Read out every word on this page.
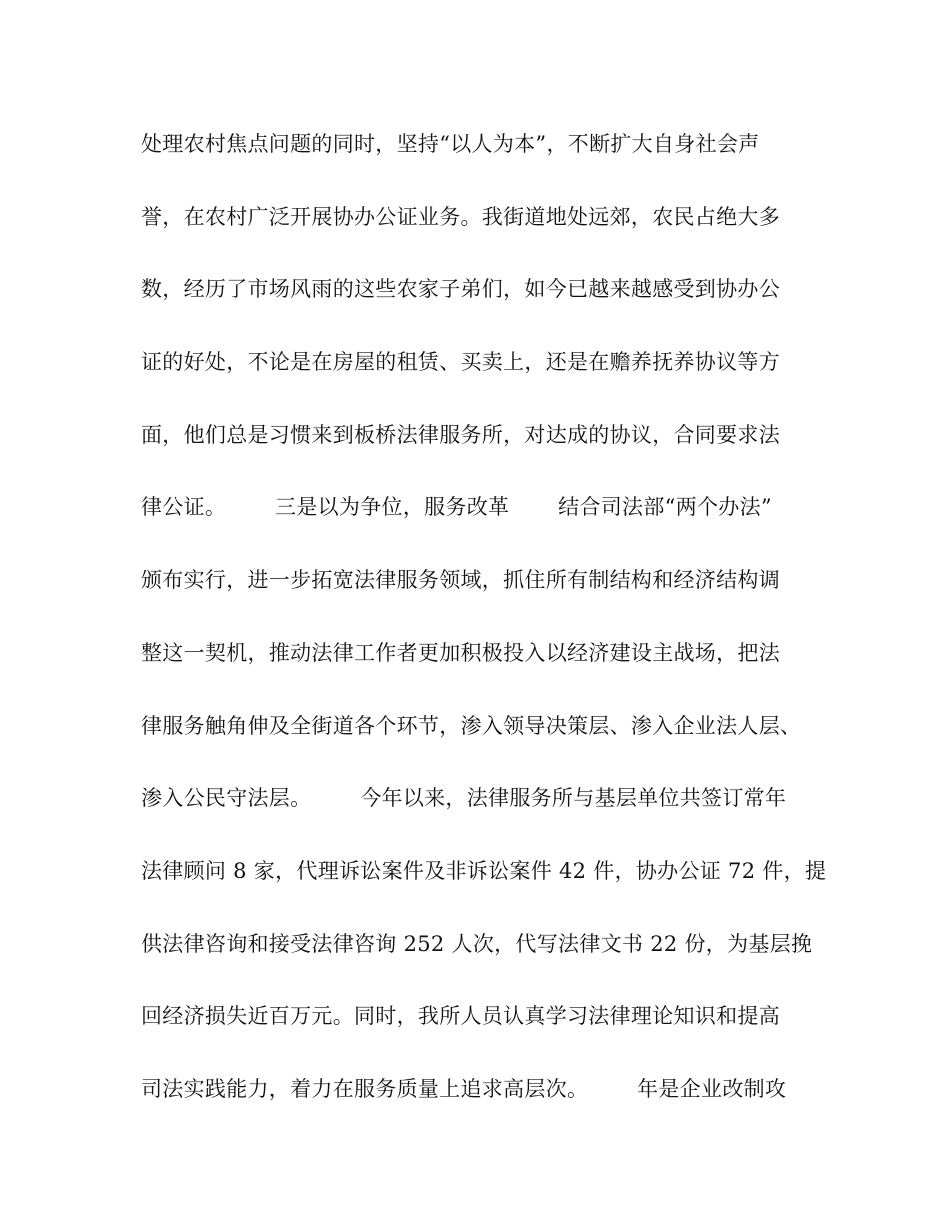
处理农村焦点问题的同时，坚持“以人为本”，不断扩大自身社会声
誉，在农村广泛开展协办公证业务。我街道地处远郊，农民占绝大多
数，经历了市场风雨的这些农家子弟们，如今已越来越感受到协办公
证的好处，不论是在房屋的租赁、买卖上，还是在赡养抚养协议等方
面，他们总是习惯来到板桥法律服务所，对达成的协议，合同要求法
律公证。       三是以为争位，服务改革       结合司法部“两个办法”
颁布实行，进一步拓宽法律服务领域，抓住所有制结构和经济结构调
整这一契机，推动法律工作者更加积极投入以经济建设主战场，把法
律服务触角伸及全街道各个环节，渗入领导决策层、渗入企业法人层、
渗入公民守法层。       今年以来，法律服务所与基层单位共签订常年
法律顾问 8 家，代理诉讼案件及非诉讼案件 42 件，协办公证 72 件，提
供法律咨询和接受法律咨询 252 人次，代写法律文书 22 份，为基层挽
回经济损失近百万元。同时，我所人员认真学习法律理论知识和提高
司法实践能力，着力在服务质量上追求高层次。       年是企业改制攻
